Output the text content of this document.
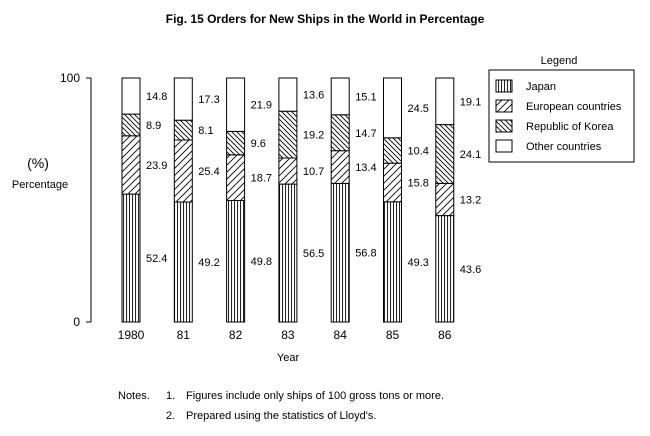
Fig. 15 Orders for New Ships in the World in Percentage
100
0
(%)
Percentage
Year
52.4
23.9
8.9
14.8
1980
49.2
25.4
8.1
17.3
81
49.8
18.7
9.6
21.9
82
56.5
10.7
19.2
13.6
83
56.8
13.4
14.7
15.1
84
49.3
15.8
10.4
24.5
85
43.6
13.2
24.1
19.1
86
Legend
Japan
European countries
Republic of Korea
Other countries
Notes.	1. Figures include only ships of 100 gross tons or more.
2. Prepared using the statistics of Lloyd's.
